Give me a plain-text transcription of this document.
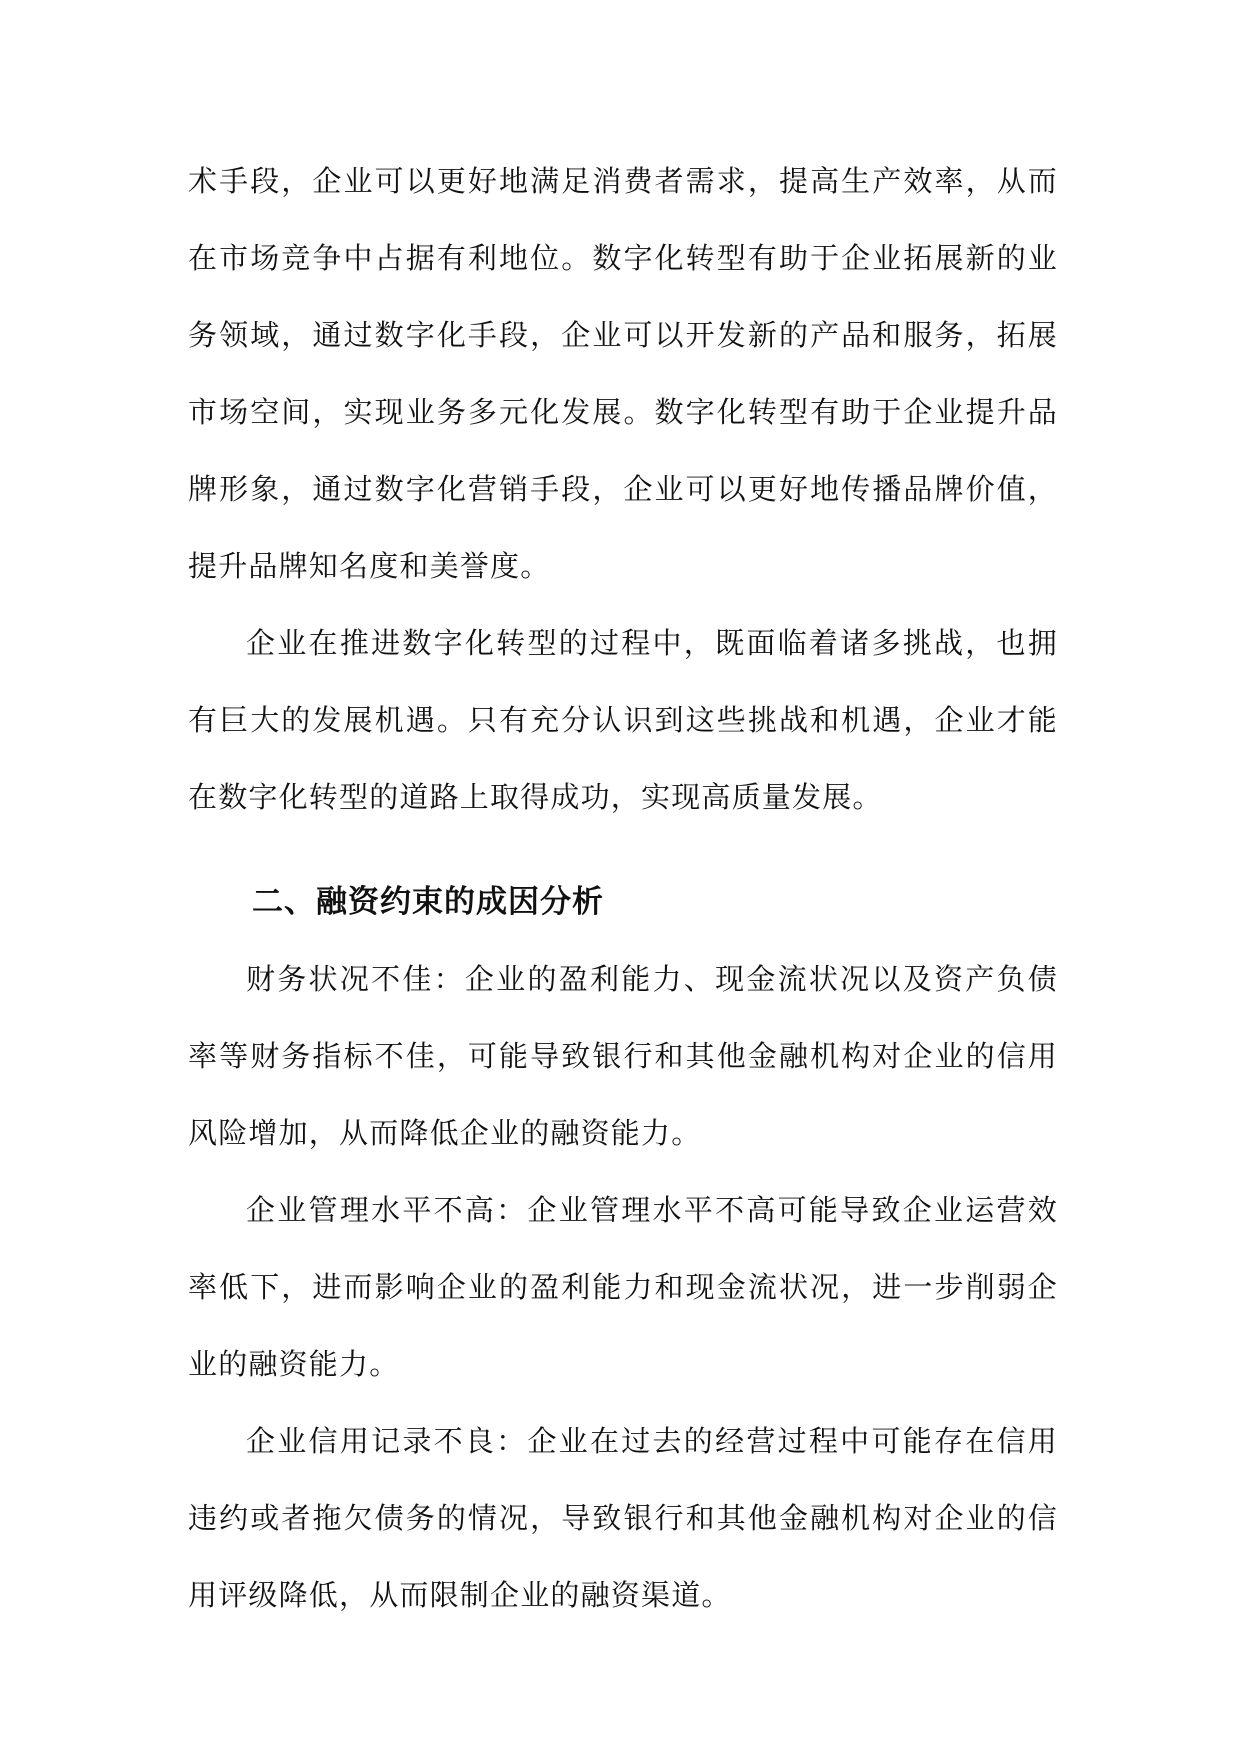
术手段，企业可以更好地满足消费者需求，提高生产效率，从而在市场竞争中占据有利地位。数字化转型有助于企业拓展新的业务领域，通过数字化手段，企业可以开发新的产品和服务，拓展市场空间，实现业务多元化发展。数字化转型有助于企业提升品牌形象，通过数字化营销手段，企业可以更好地传播品牌价值，提升品牌知名度和美誉度。

企业在推进数字化转型的过程中，既面临着诸多挑战，也拥有巨大的发展机遇。只有充分认识到这些挑战和机遇，企业才能在数字化转型的道路上取得成功，实现高质量发展。

二、融资约束的成因分析

财务状况不佳：企业的盈利能力、现金流状况以及资产负债率等财务指标不佳，可能导致银行和其他金融机构对企业的信用风险增加，从而降低企业的融资能力。

企业管理水平不高：企业管理水平不高可能导致企业运营效率低下，进而影响企业的盈利能力和现金流状况，进一步削弱企业的融资能力。

企业信用记录不良：企业在过去的经营过程中可能存在信用违约或者拖欠债务的情况，导致银行和其他金融机构对企业的信用评级降低，从而限制企业的融资渠道。
